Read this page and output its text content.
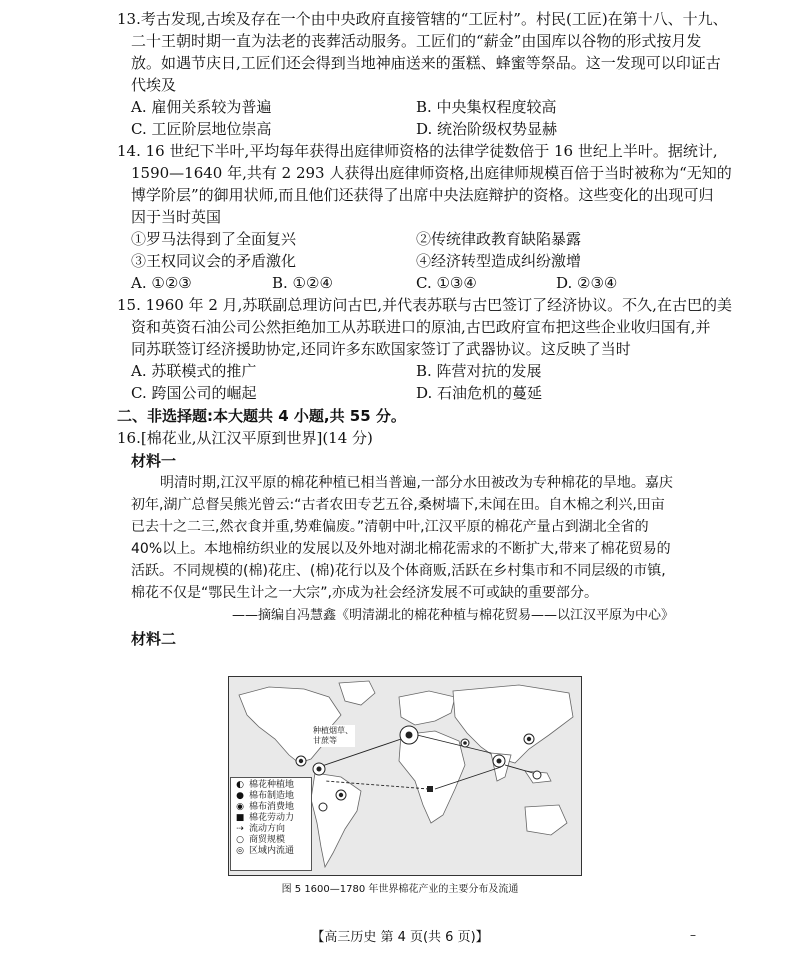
13.考古发现,古埃及存在一个由中央政府直接管辖的“工匠村”。村民(工匠)在第十八、十九、
二十王朝时期一直为法老的丧葬活动服务。工匠们的“薪金”由国库以谷物的形式按月发
放。如遇节庆日,工匠们还会得到当地神庙送来的蛋糕、蜂蜜等祭品。这一发现可以印证古
代埃及
A. 雇佣关系较为普遍	B. 中央集权程度较高
C. 工匠阶层地位崇高	D. 统治阶级权势显赫
14. 16 世纪下半叶,平均每年获得出庭律师资格的法律学徒数倍于 16 世纪上半叶。据统计,
1590—1640 年,共有 2 293 人获得出庭律师资格,出庭律师规模百倍于当时被称为“无知的
博学阶层”的御用状师,而且他们还获得了出席中央法庭辩护的资格。这些变化的出现可归
因于当时英国
①罗马法得到了全面复兴	②传统律政教育缺陷暴露
③王权同议会的矛盾激化	④经济转型造成纠纷激增
A. ①②③	B. ①②④	C. ①③④	D. ②③④
15. 1960 年 2 月,苏联副总理访问古巴,并代表苏联与古巴签订了经济协议。不久,在古巴的美
资和英资石油公司公然拒绝加工从苏联进口的原油,古巴政府宣布把这些企业收归国有,并
同苏联签订经济援助协定,还同许多东欧国家签订了武器协议。这反映了当时
A. 苏联模式的推广	B. 阵营对抗的发展
C. 跨国公司的崛起	D. 石油危机的蔓延
二、非选择题:本大题共 4 小题,共 55 分。
16.[棉花业,从江汉平原到世界](14 分)
材料一
明清时期,江汉平原的棉花种植已相当普遍,一部分水田被改为专种棉花的旱地。嘉庆
初年,湖广总督吴熊光曾云:“古者农田专艺五谷,桑树墙下,未闻在田。自木棉之利兴,田亩
已去十之二三,然衣食并重,势难偏废。”清朝中叶,江汉平原的棉花产量占到湖北全省的
40%以上。本地棉纺织业的发展以及外地对湖北棉花需求的不断扩大,带来了棉花贸易的
活跃。不同规模的(棉)花庄、(棉)花行以及个体商贩,活跃在乡村集市和不同层级的市镇,
棉花不仅是“鄂民生计之一大宗”,亦成为社会经济发展不可或缺的重要部分。
——摘编自冯慧鑫《明清湖北的棉花种植与棉花贸易——以江汉平原为中心》
材料二
种植烟草、
甘蔗等
◐ 棉花种植地
● 棉布制造地
◉ 棉布消费地
■ 棉花劳动力
⇢ 流动方向
○ 商贸规模
◎ 区域内流通
图 5 1600—1780 年世界棉花产业的主要分布及流通
【高三历史 第 4 页(共 6 页)】	–
